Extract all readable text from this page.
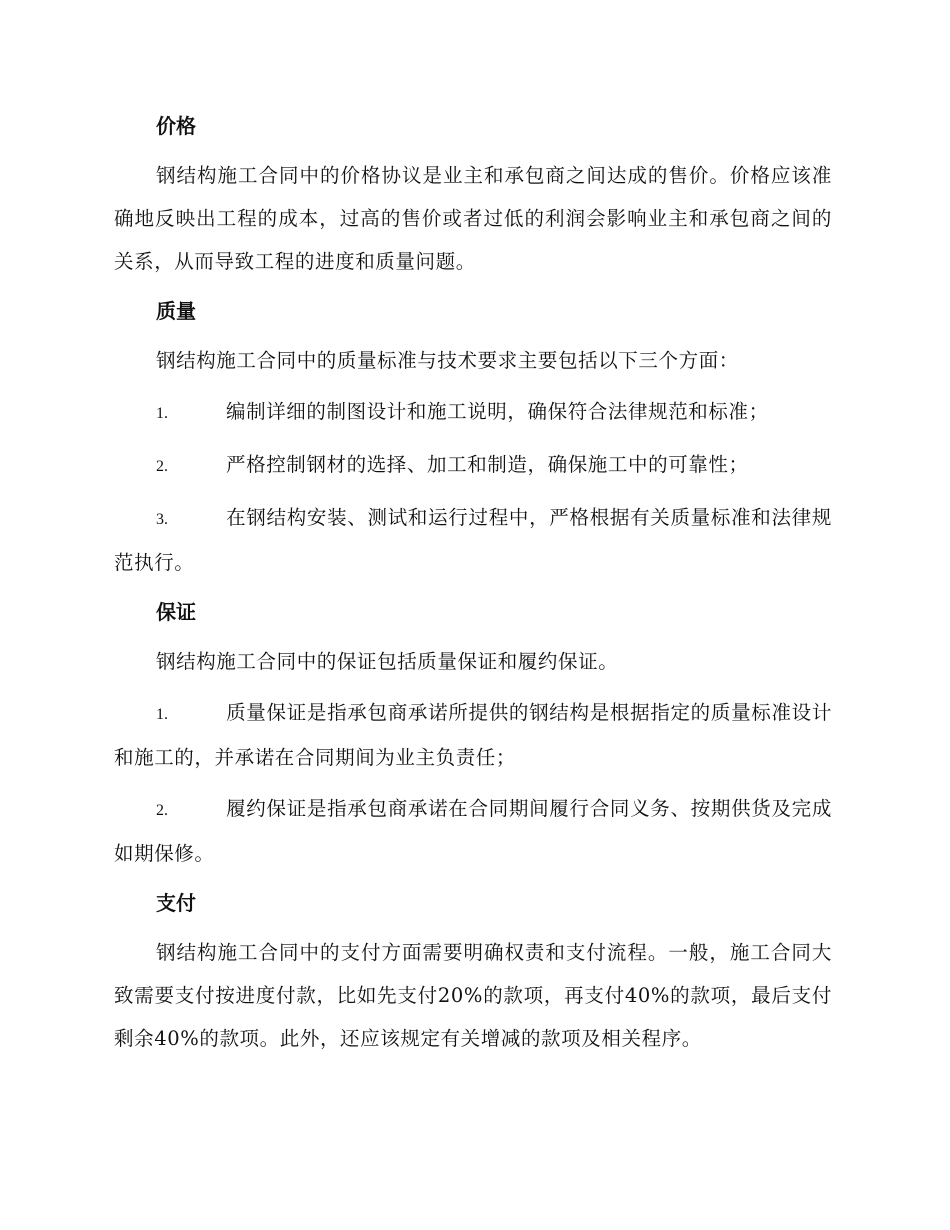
价格
钢结构施工合同中的价格协议是业主和承包商之间达成的售价。价格应该准确地反映出工程的成本，过高的售价或者过低的利润会影响业主和承包商之间的关系，从而导致工程的进度和质量问题。
质量
钢结构施工合同中的质量标准与技术要求主要包括以下三个方面：
1.	编制详细的制图设计和施工说明，确保符合法律规范和标准；
2.	严格控制钢材的选择、加工和制造，确保施工中的可靠性；
3.	在钢结构安装、测试和运行过程中，严格根据有关质量标准和法律规范执行。
保证
钢结构施工合同中的保证包括质量保证和履约保证。
1.	质量保证是指承包商承诺所提供的钢结构是根据指定的质量标准设计和施工的，并承诺在合同期间为业主负责任；
2.	履约保证是指承包商承诺在合同期间履行合同义务、按期供货及完成如期保修。
支付
钢结构施工合同中的支付方面需要明确权责和支付流程。一般，施工合同大致需要支付按进度付款，比如先支付20%的款项，再支付40%的款项，最后支付剩余40%的款项。此外，还应该规定有关增减的款项及相关程序。
